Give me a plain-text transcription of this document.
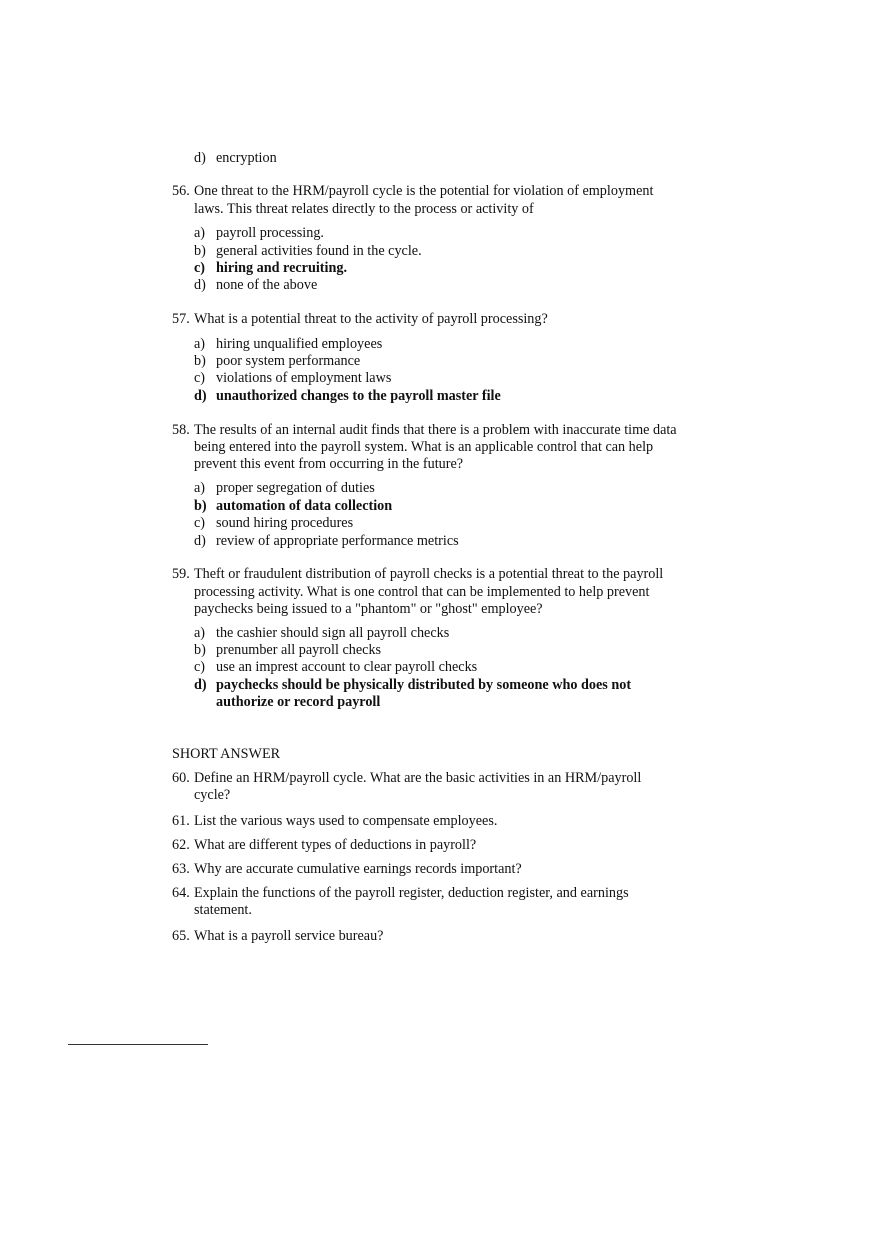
d) encryption
56. One threat to the HRM/payroll cycle is the potential for violation of employment
laws. This threat relates directly to the process or activity of
a) payroll processing.
b) general activities found in the cycle.
c) hiring and recruiting.
d) none of the above
57. What is a potential threat to the activity of payroll processing?
a) hiring unqualified employees
b) poor system performance
c) violations of employment laws
d) unauthorized changes to the payroll master file
58. The results of an internal audit finds that there is a problem with inaccurate time data
being entered into the payroll system. What is an applicable control that can help
prevent this event from occurring in the future?
a) proper segregation of duties
b) automation of data collection
c) sound hiring procedures
d) review of appropriate performance metrics
59. Theft or fraudulent distribution of payroll checks is a potential threat to the payroll
processing activity. What is one control that can be implemented to help prevent
paychecks being issued to a "phantom" or "ghost" employee?
a) the cashier should sign all payroll checks
b) prenumber all payroll checks
c) use an imprest account to clear payroll checks
d) paychecks should be physically distributed by someone who does not
authorize or record payroll
SHORT ANSWER
60. Define an HRM/payroll cycle. What are the basic activities in an HRM/payroll
cycle?
61. List the various ways used to compensate employees.
62. What are different types of deductions in payroll?
63. Why are accurate cumulative earnings records important?
64. Explain the functions of the payroll register, deduction register, and earnings
statement.
65. What is a payroll service bureau?
